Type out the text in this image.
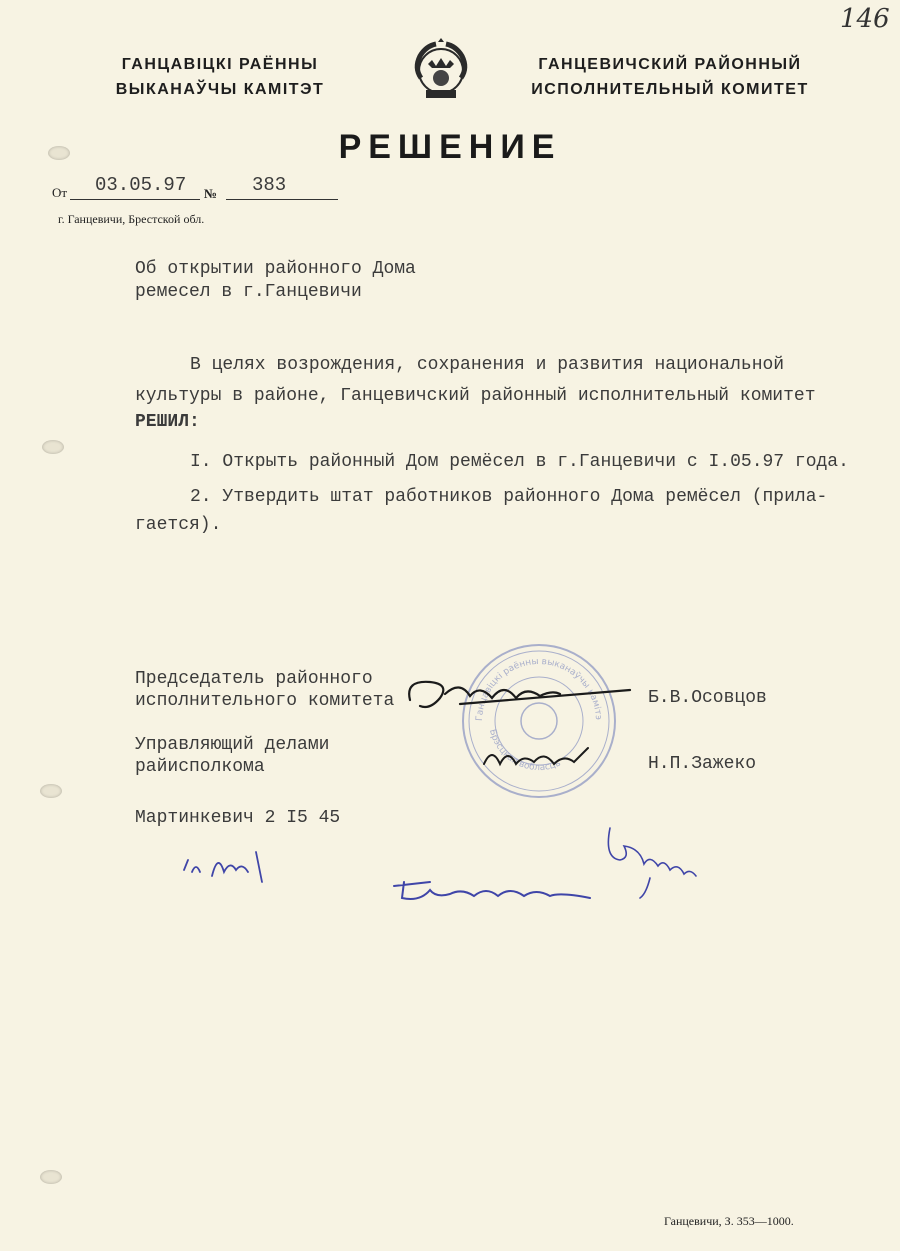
146
ГАНЦАВІЦКІ РАЁННЫ
ВЫКАНАЎЧЫ КАМІТЭТ
ГАНЦЕВИЧСКИЙ РАЙОННЫЙ
ИСПОЛНИТЕЛЬНЫЙ КОМИТЕТ
РЕШЕНИЕ
От 03.05.97 № 383
г. Ганцевичи, Брестской обл.
Об открытии районного Дома
ремесел в г.Ганцевичи
В целях возрождения, сохранения и развития национальной
культуры в районе, Ганцевичский районный исполнительный комитет
РЕШИЛ:
I. Открыть районный Дом ремёсел в г.Ганцевичи с I.05.97 года.
2. Утвердить штат работников районного Дома ремёсел (прила-
гается).
Ганцавіцкі раённы выканаўчы камітэ
Брэсцкая вобласць
Председатель районного
исполнительного комитета	Б.В.Осовцов
Управляющий делами
райисполкома	Н.П.Зажеко
Мартинкевич 2 I5 45
Ганцевичи, З. 353—1000.
